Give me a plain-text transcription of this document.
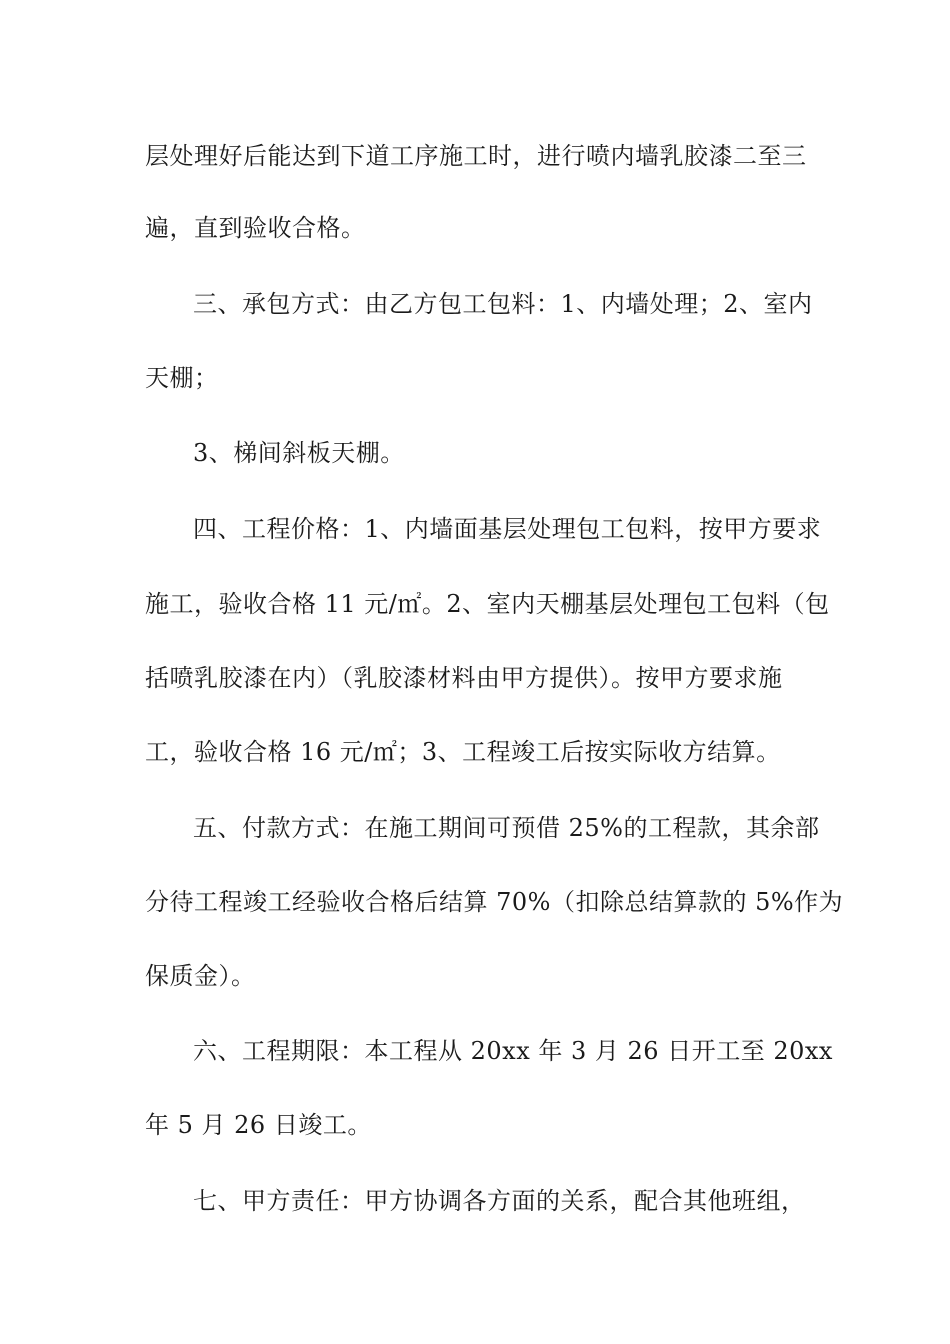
层处理好后能达到下道工序施工时，进行喷内墙乳胶漆二至三
遍，直到验收合格。
三、承包方式：由乙方包工包料：1、内墙处理；2、室内
天棚；
3、梯间斜板天棚。
四、工程价格：1、内墙面基层处理包工包料，按甲方要求
施工，验收合格 11 元/㎡。2、室内天棚基层处理包工包料（包
括喷乳胶漆在内）（乳胶漆材料由甲方提供）。按甲方要求施
工，验收合格 16 元/㎡；3、工程竣工后按实际收方结算。
五、付款方式：在施工期间可预借 25%的工程款，其余部
分待工程竣工经验收合格后结算 70%（扣除总结算款的 5%作为
保质金）。
六、工程期限：本工程从 20xx 年 3 月 26 日开工至 20xx
年 5 月 26 日竣工。
七、甲方责任：甲方协调各方面的关系，配合其他班组，
